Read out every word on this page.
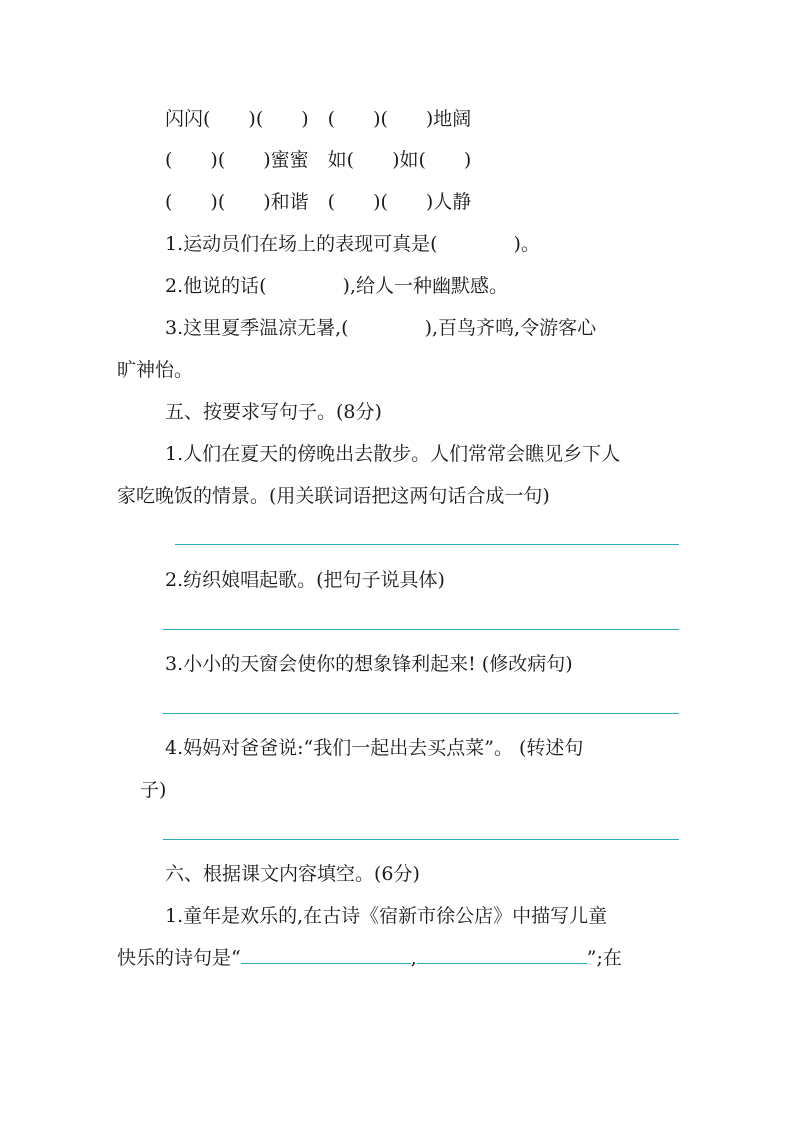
闪闪(　　)(　　)　(　　)(　　)地阔
(　　)(　　)蜜蜜　如(　　)如(　　)
(　　)(　　)和谐　(　　)(　　)人静
1.运动员们在场上的表现可真是(　　　　)。
2.他说的话(　　　　),给人一种幽默感。
3.这里夏季温凉无暑,(　　　　),百鸟齐鸣,令游客心
旷神怡。
五、按要求写句子。(8分)
1.人们在夏天的傍晚出去散步。人们常常会瞧见乡下人
家吃晚饭的情景。(用关联词语把这两句话合成一句)
2.纺织娘唱起歌。(把句子说具体)
3.小小的天窗会使你的想象锋利起来! (修改病句)
4.妈妈对爸爸说:“我们一起出去买点菜”。 (转述句
子)
六、根据课文内容填空。(6分)
1.童年是欢乐的,在古诗《宿新市徐公店》中描写儿童
快乐的诗句是“	,	”;在
